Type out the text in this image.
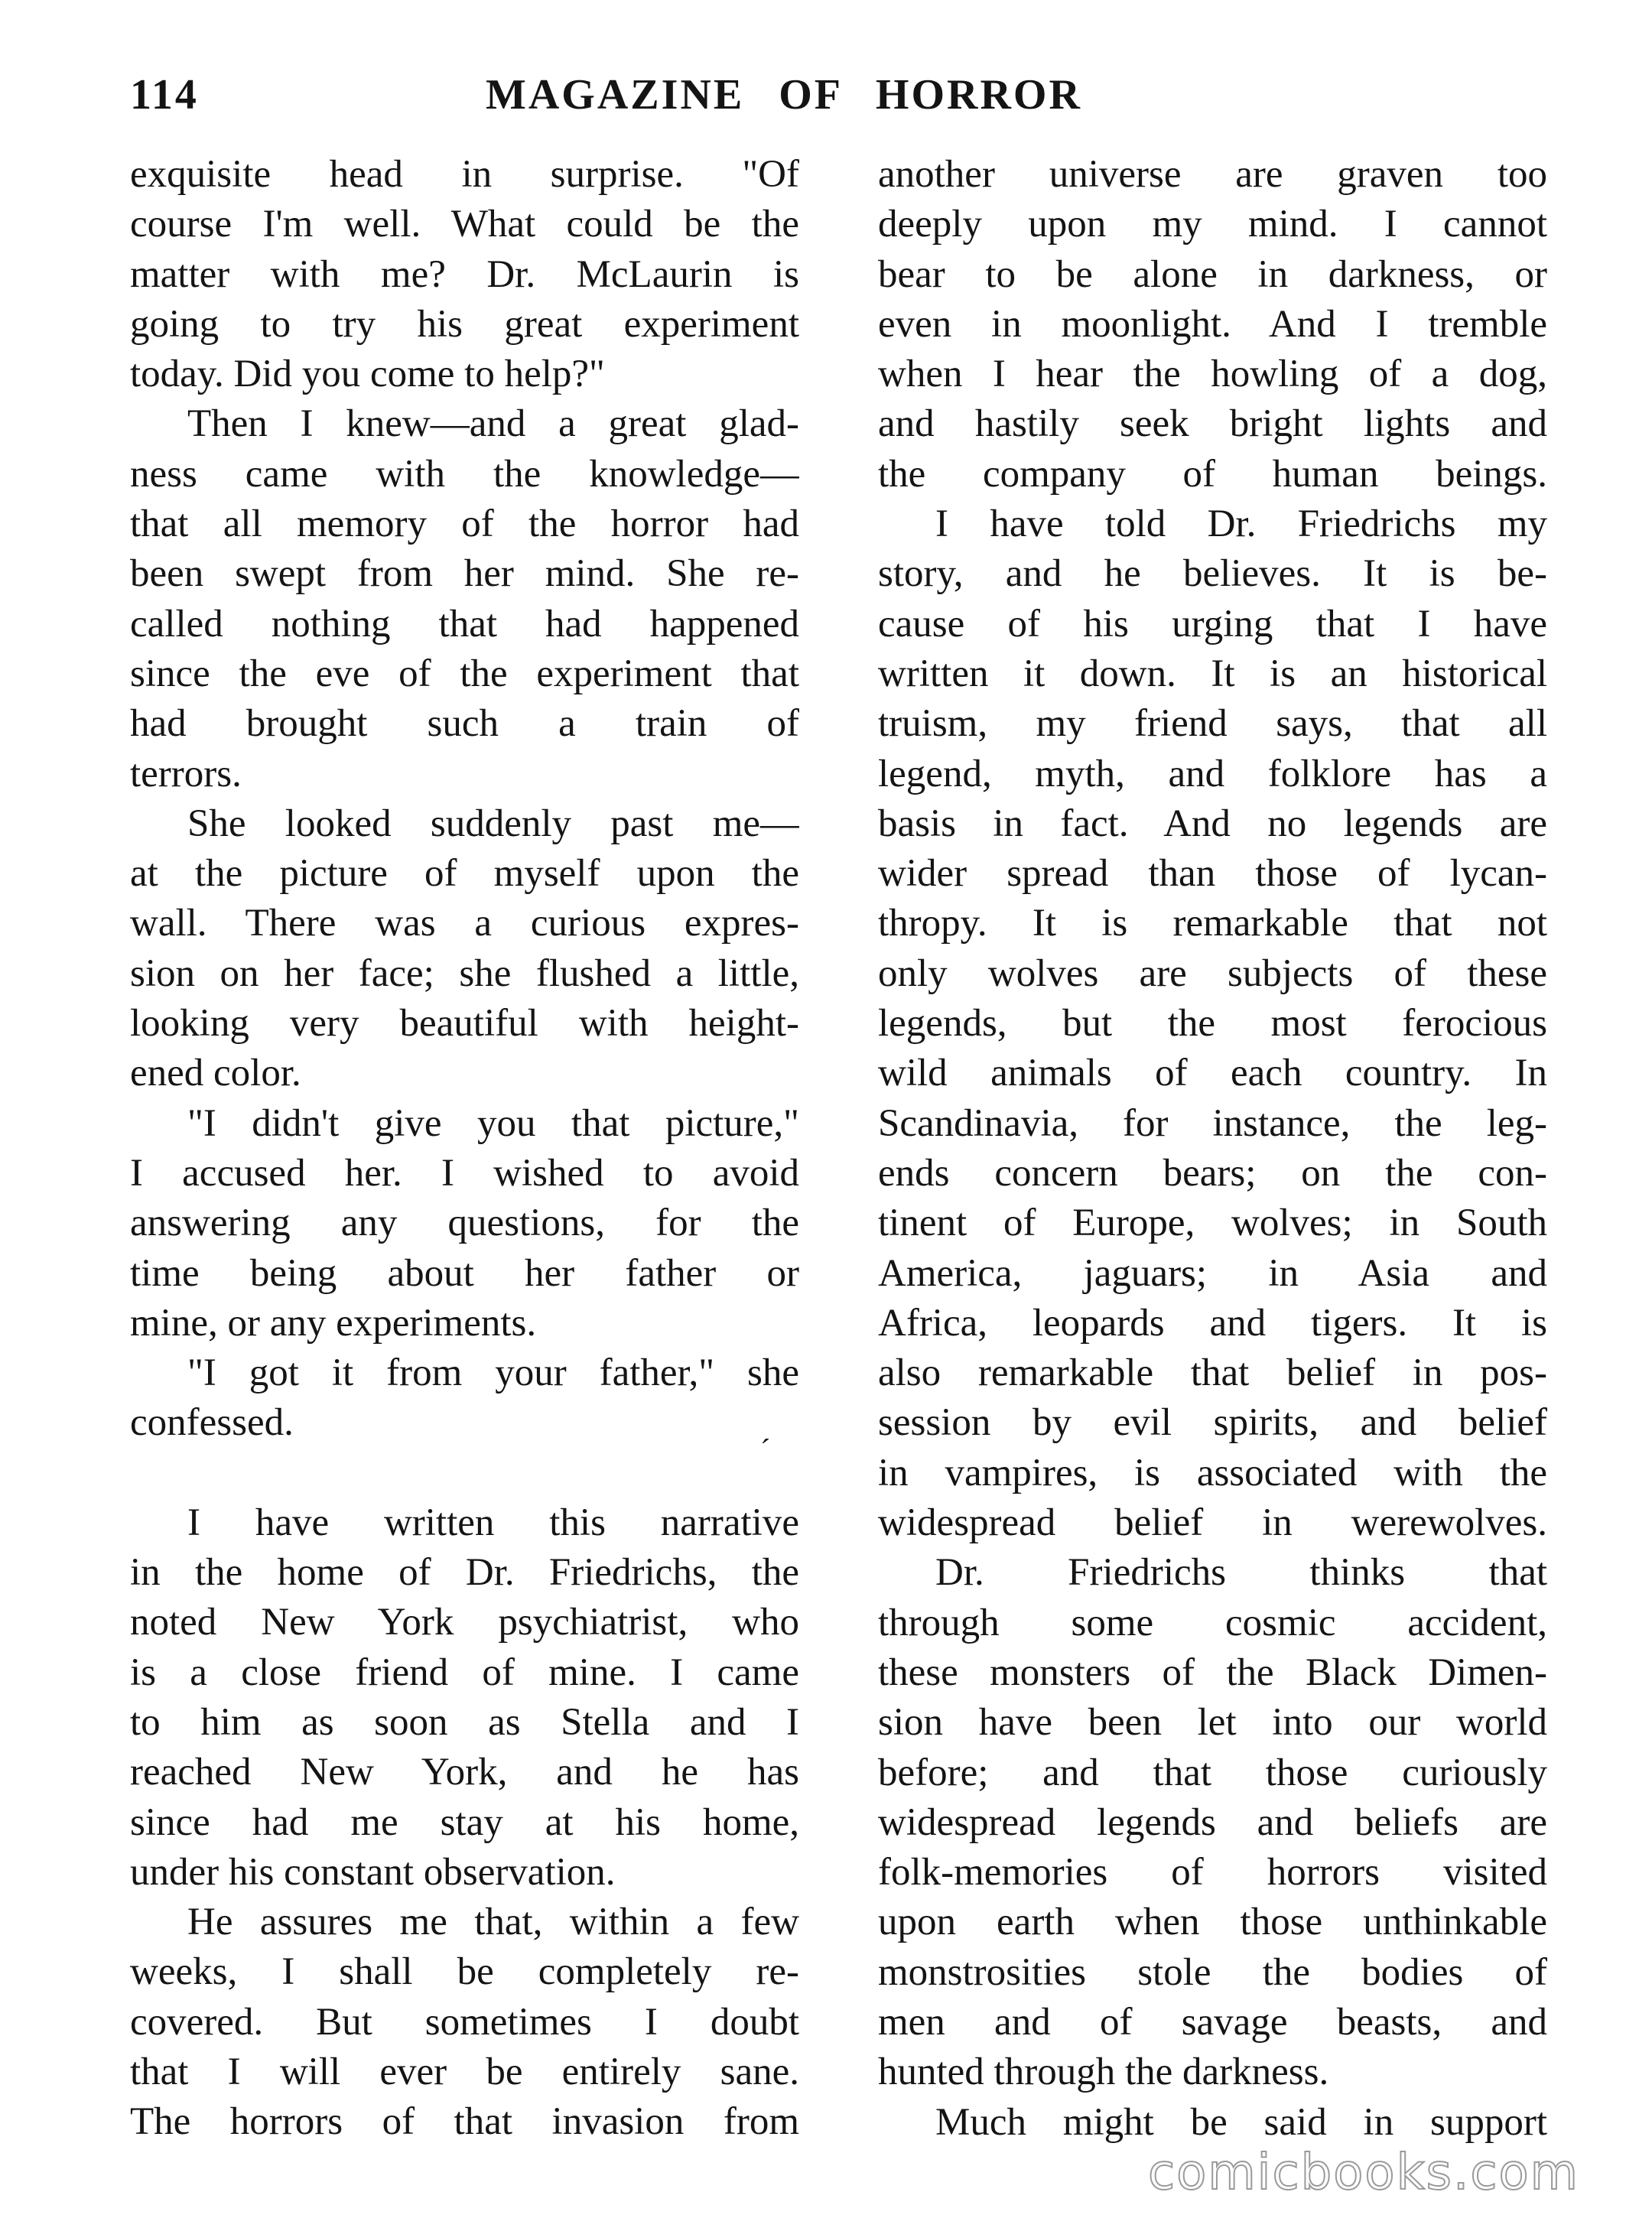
114	MAGAZINE OF HORROR
exquisite head in surprise. "Of
course I'm well. What could be the
matter with me? Dr. McLaurin is
going to try his great experiment
today. Did you come to help?"
Then I knew—and a great glad-
ness came with the knowledge—
that all memory of the horror had
been swept from her mind. She re-
called nothing that had happened
since the eve of the experiment that
had brought such a train of
terrors.
She looked suddenly past me—
at the picture of myself upon the
wall. There was a curious expres-
sion on her face; she flushed a little,
looking very beautiful with height-
ened color.
"I didn't give you that picture,"
I accused her. I wished to avoid
answering any questions, for the
time being about her father or
mine, or any experiments.
"I got it from your father," she
confessed.
I have written this narrative
in the home of Dr. Friedrichs, the
noted New York psychiatrist, who
is a close friend of mine. I came
to him as soon as Stella and I
reached New York, and he has
since had me stay at his home,
under his constant observation.
He assures me that, within a few
weeks, I shall be completely re-
covered. But sometimes I doubt
that I will ever be entirely sane.
The horrors of that invasion from
another universe are graven too
deeply upon my mind. I cannot
bear to be alone in darkness, or
even in moonlight. And I tremble
when I hear the howling of a dog,
and hastily seek bright lights and
the company of human beings.
I have told Dr. Friedrichs my
story, and he believes. It is be-
cause of his urging that I have
written it down. It is an historical
truism, my friend says, that all
legend, myth, and folklore has a
basis in fact. And no legends are
wider spread than those of lycan-
thropy. It is remarkable that not
only wolves are subjects of these
legends, but the most ferocious
wild animals of each country. In
Scandinavia, for instance, the leg-
ends concern bears; on the con-
tinent of Europe, wolves; in South
America, jaguars; in Asia and
Africa, leopards and tigers. It is
also remarkable that belief in pos-
session by evil spirits, and belief
in vampires, is associated with the
widespread belief in werewolves.
Dr. Friedrichs thinks that
through some cosmic accident,
these monsters of the Black Dimen-
sion have been let into our world
before; and that those curiously
widespread legends and beliefs are
folk-memories of horrors visited
upon earth when those unthinkable
monstrosities stole the bodies of
men and of savage beasts, and
hunted through the darkness.
Much might be said in support
ˊ
comicbooks.com
